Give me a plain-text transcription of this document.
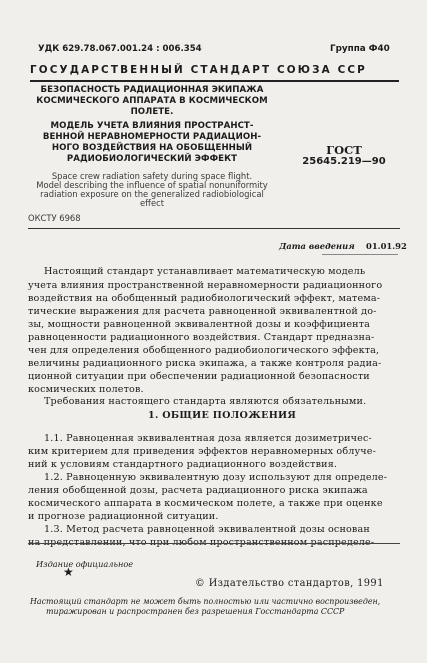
УДК 629.78.067.001.24 : 006.354	Группа Ф40
ГОСУДАРСТВЕННЫЙ СТАНДАРТ СОЮЗА ССР
БЕЗОПАСНОСТЬ РАДИАЦИОННАЯ ЭКИПАЖА
КОСМИЧЕСКОГО АППАРАТА В КОСМИЧЕСКОМ
ПОЛЕТЕ.
МОДЕЛЬ УЧЕТА ВЛИЯНИЯ ПРОСТРАНСТ-
ВЕННОЙ НЕРАВНОМЕРНОСТИ РАДИАЦИОН-
НОГО ВОЗДЕЙСТВИЯ НА ОБОБЩЕННЫЙ
РАДИОБИОЛОГИЧЕСКИЙ ЭФФЕКТ
ГОСТ
25645.219—90
Space crew radiation safety during space flight.
Model describing the influence of spatial nonuniformity
radiation exposure on the generalized radiobiological
effect
ОКСТУ 6968
Дата введения 01.01.92
Настоящий стандарт устанавливает математическую модель
учета влияния пространственной неравномерности радиационного
воздействия на обобщенный радиобиологический эффект, матема-
тические выражения для расчета равноценной эквивалентной до-
зы, мощности равноценной эквивалентной дозы и коэффициента
равноценности радиационного воздействия. Стандарт предназна-
чен для определения обобщенного радиобиологического эффекта,
величины радиационного риска экипажа, а также контроля радиа-
ционной ситуации при обеспечении радиационной безопасности
космических полетов.
Требования настоящего стандарта являются обязательными.
1. ОБЩИЕ ПОЛОЖЕНИЯ
1.1. Равноценная эквивалентная доза является дозиметричес-
ким критерием для приведения эффектов неравномерных облуче-
ний к условиям стандартного радиационного воздействия.
1.2. Равноценную эквивалентную дозу используют для определе-
ления обобщенной дозы, расчета радиационного риска экипажа
космического аппарата в космическом полете, а также при оценке
и прогнозе радиационной ситуации.
1.3. Метод расчета равноценной эквивалентной дозы основан
Издание официальное
★
© Издательство стандартов, 1991
Настоящий стандарт не может быть полностью или частично воспроизведен,
тиражирован и распространен без разрешения Госстандарта СССР
